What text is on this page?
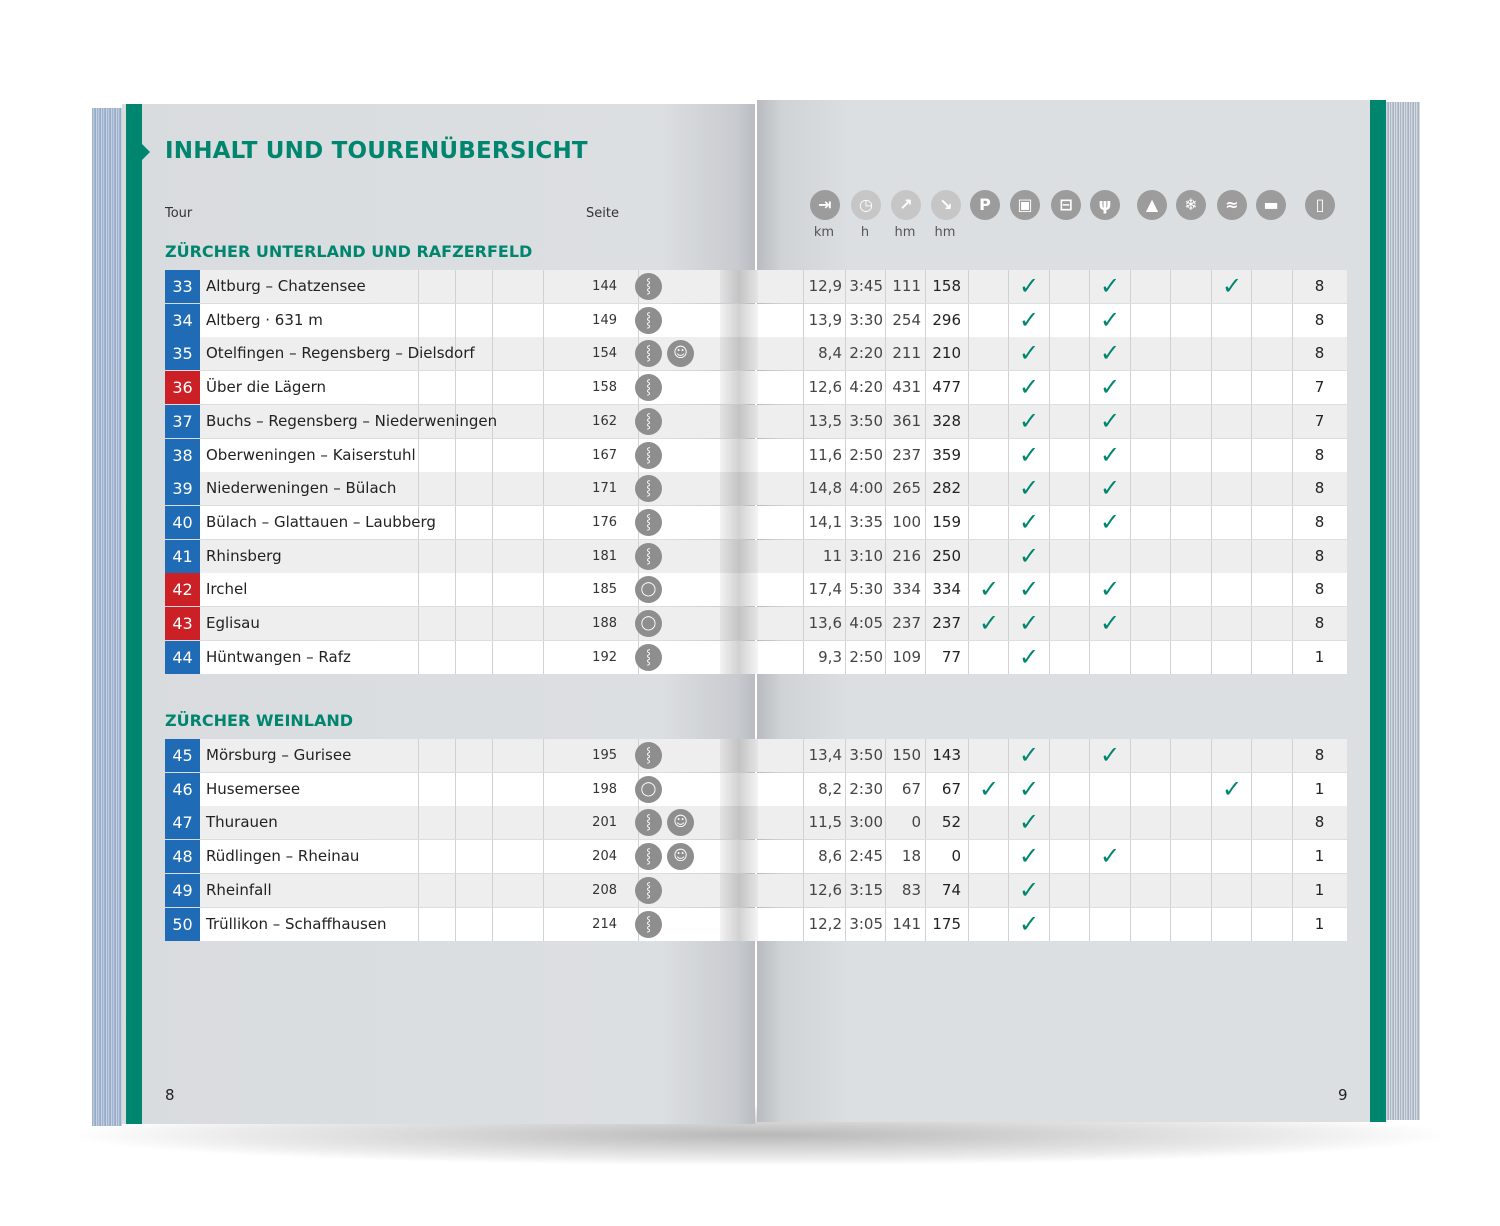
INHALT UND TOURENÜBERSICHT
Tour	Seite	⇥	◷	↗	↘	P	▣	⊟	ψ	▲	❄	≈	▬	▯
km	h	hm	hm
ZÜRCHER UNTERLAND UND RAFZERFELD
33 Altburg – Chatzensee	144	⸾	12,9 3:45 111 158	✓	✓	✓	8
34 Altberg · 631 m	149	⸾	13,9 3:30 254 296	✓	✓	8
35 Otelfingen – Regensberg – Dielsdorf	154	⸾	☺	8,4 2:20 211 210	✓	✓	8
36 Über die Lägern	158	⸾	12,6 4:20 431 477	✓	✓	7
37 Buchs – Regensberg – Niederweningen	162	⸾	13,5 3:50 361 328	✓	✓	7
38 Oberweningen – Kaiserstuhl	167	⸾	11,6 2:50 237 359	✓	✓	8
39 Niederweningen – Bülach	171	⸾	14,8 4:00 265 282	✓	✓	8
40 Bülach – Glattauen – Laubberg	176	⸾	14,1 3:35 100 159	✓	✓	8
41 Rhinsberg	181	⸾	11 3:10 216 250	✓	8
42 Irchel	185	◯	17,4 5:30 334 334 ✓ ✓	✓	8
43 Eglisau	188	◯	13,6 4:05 237 237 ✓ ✓	✓	8
44 Hüntwangen – Rafz	192	⸾	9,3 2:50 109	77	✓	1
ZÜRCHER WEINLAND
45 Mörsburg – Gurisee	195	⸾	13,4 3:50 150 143	✓	✓	8
46 Husemersee	198	◯	8,2 2:30	67	67 ✓ ✓	✓	1
47 Thurauen	201	⸾	☺	11,5 3:00	0	52	✓	8
48 Rüdlingen – Rheinau	204	⸾	☺	8,6 2:45	18	0	✓	✓	1
49 Rheinfall	208	⸾	12,6 3:15	83	74	✓	1
50 Trüllikon – Schaffhausen	214	⸾	12,2 3:05 141 175	✓	1
8	9
